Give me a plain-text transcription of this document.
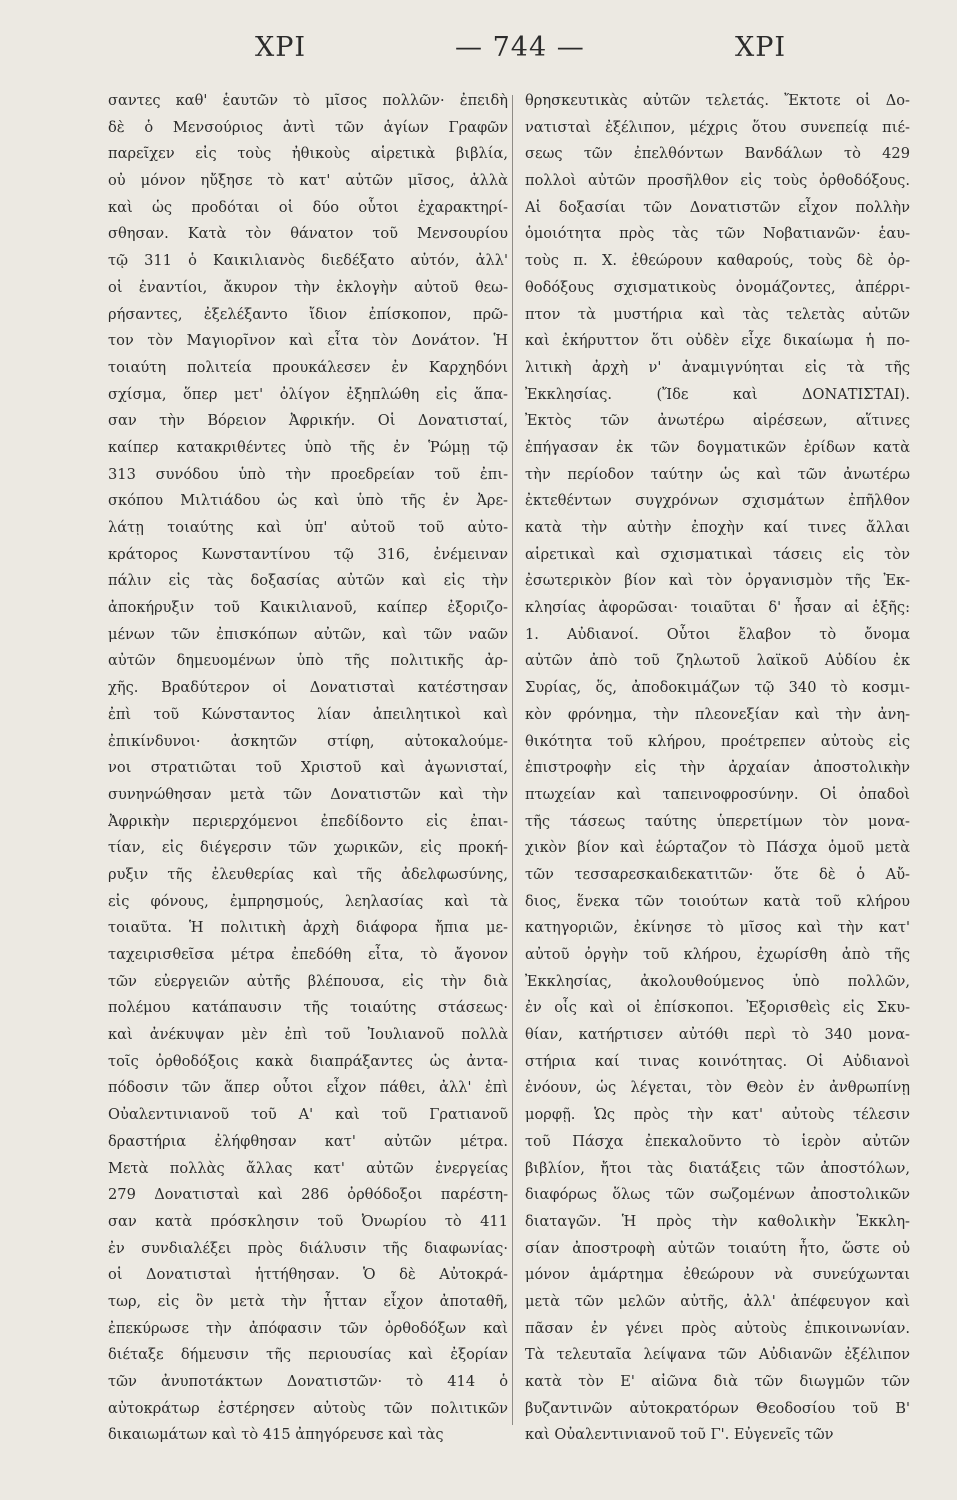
ΧΡΙ	— 744 —	ΧΡΙ
σαντες καθ' ἑαυτῶν τὸ μῖσος πολλῶν· ἐπειδὴ
δὲ ὁ Μενσούριος ἀντὶ τῶν ἁγίων Γραφῶν
παρεῖχεν εἰς τοὺς ἠθικοὺς αἱρετικὰ βιβλία,
οὐ μόνον ηὔξησε τὸ κατ' αὐτῶν μῖσος, ἀλλὰ
καὶ ὡς προδόται οἱ δύο οὗτοι ἐχαρακτηρί-
σθησαν. Κατὰ τὸν θάνατον τοῦ Μενσουρίου
τῷ 311 ὁ Καικιλιανὸς διεδέξατο αὐτόν, ἀλλ'
οἱ ἐναντίοι, ἄκυρον τὴν ἐκλογὴν αὐτοῦ θεω-
ρήσαντες, ἐξελέξαντο ἴδιον ἐπίσκοπον, πρῶ-
τον τὸν Μαγιορῖνον καὶ εἶτα τὸν Δονάτον. Ἡ
τοιαύτη πολιτεία προυκάλεσεν ἐν Καρχηδόνι
σχίσμα, ὅπερ μετ' ὀλίγον ἐξηπλώθη εἰς ἅπα-
σαν τὴν Βόρειον Ἀφρικήν. Οἱ Δονατισταί,
καίπερ κατακριθέντες ὑπὸ τῆς ἐν Ῥώμῃ τῷ
313 συνόδου ὑπὸ τὴν προεδρείαν τοῦ ἐπι-
σκόπου Μιλτιάδου ὡς καὶ ὑπὸ τῆς ἐν Ἀρε-
λάτῃ τοιαύτης καὶ ὑπ' αὐτοῦ τοῦ αὐτο-
κράτορος Κωνσταντίνου τῷ 316, ἐνέμειναν
πάλιν εἰς τὰς δοξασίας αὐτῶν καὶ εἰς τὴν
ἀποκήρυξιν τοῦ Καικιλιανοῦ, καίπερ ἐξοριζο-
μένων τῶν ἐπισκόπων αὐτῶν, καὶ τῶν ναῶν
αὐτῶν δημευομένων ὑπὸ τῆς πολιτικῆς ἀρ-
χῆς. Βραδύτερον οἱ Δονατισταὶ κατέστησαν
ἐπὶ τοῦ Κώνσταντος λίαν ἀπειλητικοὶ καὶ
ἐπικίνδυνοι· ἀσκητῶν στίφη, αὐτοκαλούμε-
νοι στρατιῶται τοῦ Χριστοῦ καὶ ἀγωνισταί,
συνηνώθησαν μετὰ τῶν Δονατιστῶν καὶ τὴν
Ἀφρικὴν περιερχόμενοι ἐπεδίδοντο εἰς ἐπαι-
τίαν, εἰς διέγερσιν τῶν χωρικῶν, εἰς προκή-
ρυξιν τῆς ἐλευθερίας καὶ τῆς ἀδελφωσύνης,
εἰς φόνους, ἐμπρησμούς, λεηλασίας καὶ τὰ
τοιαῦτα. Ἡ πολιτικὴ ἀρχὴ διάφορα ἤπια με-
ταχειρισθεῖσα μέτρα ἐπεδόθη εἶτα, τὸ ἄγονον
τῶν εὐεργειῶν αὐτῆς βλέπουσα, εἰς τὴν διὰ
πολέμου κατάπαυσιν τῆς τοιαύτης στάσεως·
καὶ ἀνέκυψαν μὲν ἐπὶ τοῦ Ἰουλιανοῦ πολλὰ
τοῖς ὀρθοδόξοις κακὰ διαπράξαντες ὡς ἀντα-
πόδοσιν τῶν ἅπερ οὗτοι εἶχον πάθει, ἀλλ' ἐπὶ
Οὐαλεντινιανοῦ τοῦ Α' καὶ τοῦ Γρατιανοῦ
δραστήρια ἐλήφθησαν κατ' αὐτῶν μέτρα.
Μετὰ πολλὰς ἄλλας κατ' αὐτῶν ἐνεργείας
279 Δονατισταὶ καὶ 286 ὀρθόδοξοι παρέστη-
σαν κατὰ πρόσκλησιν τοῦ Ὀνωρίου τὸ 411
ἐν συνδιαλέξει πρὸς διάλυσιν τῆς διαφωνίας·
οἱ Δονατισταὶ ἡττήθησαν. Ὁ δὲ Αὐτοκρά-
τωρ, εἰς ὃν μετὰ τὴν ἧτταν εἶχον ἀποταθῆ,
ἐπεκύρωσε τὴν ἀπόφασιν τῶν ὀρθοδόξων καὶ
διέταξε δήμευσιν τῆς περιουσίας καὶ ἐξορίαν
τῶν ἀνυποτάκτων Δονατιστῶν· τὸ 414 ὁ
αὐτοκράτωρ ἐστέρησεν αὐτοὺς τῶν πολιτικῶν
δικαιωμάτων καὶ τὸ 415 ἀπηγόρευσε καὶ τὰς
θρησκευτικὰς αὐτῶν τελετάς. Ἔκτοτε οἱ Δο-
νατισταὶ ἐξέλιπον, μέχρις ὅτου συνεπείᾳ πιέ-
σεως τῶν ἐπελθόντων Βανδάλων τὸ 429
πολλοὶ αὐτῶν προσῆλθον εἰς τοὺς ὀρθοδόξους.
Αἱ δοξασίαι τῶν Δονατιστῶν εἶχον πολλὴν
ὁμοιότητα πρὸς τὰς τῶν Νοβατιανῶν· ἑαυ-
τοὺς π. Χ. ἐθεώρουν καθαρούς, τοὺς δὲ ὀρ-
θοδόξους σχισματικοὺς ὀνομάζοντες, ἀπέρρι-
πτον τὰ μυστήρια καὶ τὰς τελετὰς αὐτῶν
καὶ ἐκήρυττον ὅτι οὐδὲν εἶχε δικαίωμα ἡ πο-
λιτικὴ ἀρχὴ ν' ἀναμιγνύηται εἰς τὰ τῆς
Ἐκκλησίας. (Ἴδε καὶ ΔΟΝΑΤΙΣΤΑΙ).
Ἐκτὸς τῶν ἀνωτέρω αἱρέσεων, αἵτινες
ἐπήγασαν ἐκ τῶν δογματικῶν ἐρίδων κατὰ
τὴν περίοδον ταύτην ὡς καὶ τῶν ἀνωτέρω
ἐκτεθέντων συγχρόνων σχισμάτων ἐπῆλθον
κατὰ τὴν αὐτὴν ἐποχὴν καί τινες ἄλλαι
αἱρετικαὶ καὶ σχισματικαὶ τάσεις εἰς τὸν
ἐσωτερικὸν βίον καὶ τὸν ὀργανισμὸν τῆς Ἐκ-
κλησίας ἀφορῶσαι· τοιαῦται δ' ἦσαν αἱ ἑξῆς:
1. Αὐδιανοί. Οὗτοι ἔλαβον τὸ ὄνομα
αὐτῶν ἀπὸ τοῦ ζηλωτοῦ λαϊκοῦ Αὐδίου ἐκ
Συρίας, ὅς, ἀποδοκιμάζων τῷ 340 τὸ κοσμι-
κὸν φρόνημα, τὴν πλεονεξίαν καὶ τὴν ἀνη-
θικότητα τοῦ κλήρου, προέτρεπεν αὐτοὺς εἰς
ἐπιστροφὴν εἰς τὴν ἀρχαίαν ἀποστολικὴν
πτωχείαν καὶ ταπεινοφροσύνην. Οἱ ὀπαδοὶ
τῆς τάσεως ταύτης ὑπερετίμων τὸν μονα-
χικὸν βίον καὶ ἑώρταζον τὸ Πάσχα ὁμοῦ μετὰ
τῶν τεσσαρεσκαιδεκατιτῶν· ὅτε δὲ ὁ Αὔ-
διος, ἕνεκα τῶν τοιούτων κατὰ τοῦ κλήρου
κατηγοριῶν, ἐκίνησε τὸ μῖσος καὶ τὴν κατ'
αὐτοῦ ὀργὴν τοῦ κλήρου, ἐχωρίσθη ἀπὸ τῆς
Ἐκκλησίας, ἀκολουθούμενος ὑπὸ πολλῶν,
ἐν οἷς καὶ οἱ ἐπίσκοποι. Ἐξορισθεὶς εἰς Σκυ-
θίαν, κατήρτισεν αὐτόθι περὶ τὸ 340 μονα-
στήρια καί τινας κοινότητας. Οἱ Αὐδιανοὶ
ἐνόουν, ὡς λέγεται, τὸν Θεὸν ἐν ἀνθρωπίνῃ
μορφῇ. Ὡς πρὸς τὴν κατ' αὐτοὺς τέλεσιν
τοῦ Πάσχα ἐπεκαλοῦντο τὸ ἱερὸν αὐτῶν
βιβλίον, ἤτοι τὰς διατάξεις τῶν ἀποστόλων,
διαφόρως ὅλως τῶν σωζομένων ἀποστολικῶν
διαταγῶν. Ἡ πρὸς τὴν καθολικὴν Ἐκκλη-
σίαν ἀποστροφὴ αὐτῶν τοιαύτη ἦτο, ὥστε οὐ
μόνον ἁμάρτημα ἐθεώρουν νὰ συνεύχωνται
μετὰ τῶν μελῶν αὐτῆς, ἀλλ' ἀπέφευγον καὶ
πᾶσαν ἐν γένει πρὸς αὐτοὺς ἐπικοινωνίαν.
Τὰ τελευταῖα λείψανα τῶν Αὐδιανῶν ἐξέλιπον
κατὰ τὸν Ε' αἰῶνα διὰ τῶν διωγμῶν τῶν
βυζαντινῶν αὐτοκρατόρων Θεοδοσίου τοῦ Β'
καὶ Οὐαλεντινιανοῦ τοῦ Γ'. Εὐγενεῖς τῶν
